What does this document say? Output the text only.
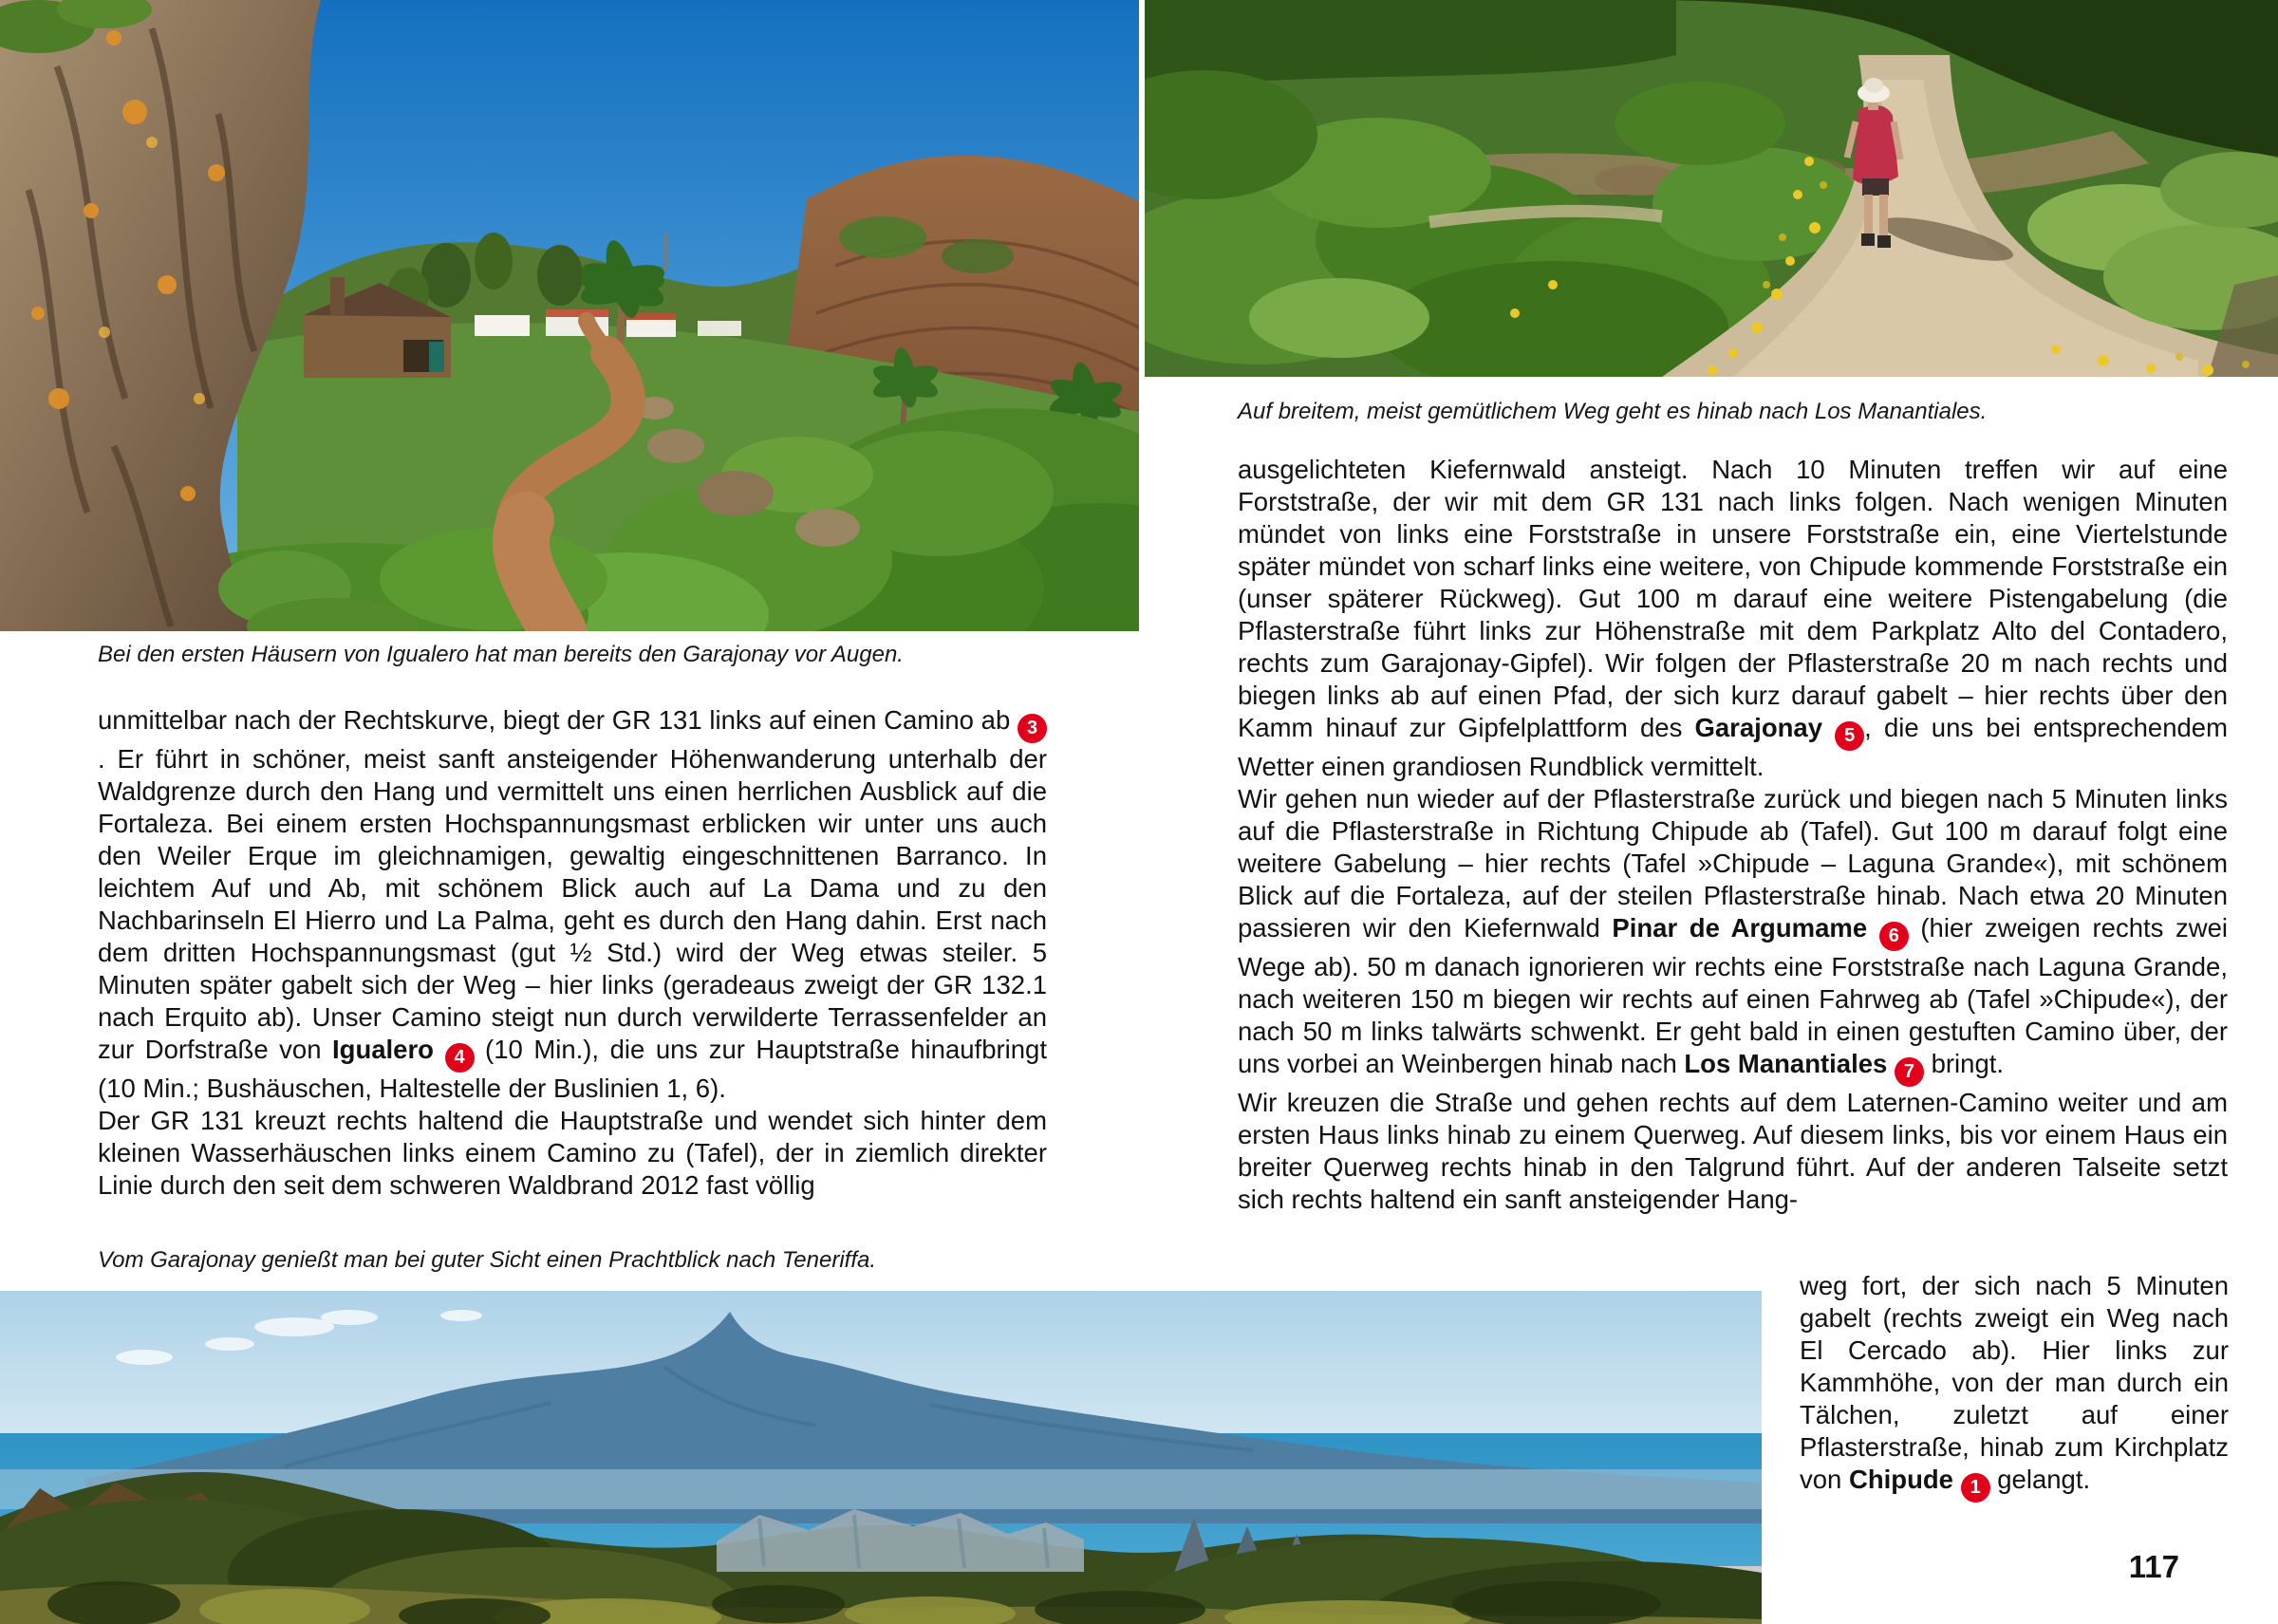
Bei den ersten Häusern von Igualero hat man bereits den Garajonay vor Augen.

Auf breitem, meist gemütlichem Weg geht es hinab nach Los Manantiales.

Vom Garajonay genießt man bei guter Sicht einen Prachtblick nach Teneriffa.

unmittelbar nach der Rechtskurve, biegt der GR 131 links auf einen Camino ab 3. Er führt in schöner, meist sanft ansteigender Höhenwanderung unterhalb der Waldgrenze durch den Hang und vermittelt uns einen herrlichen Ausblick auf die Fortaleza. Bei einem ersten Hochspannungsmast erblicken wir unter uns auch den Weiler Erque im gleichnamigen, gewaltig eingeschnittenen Barranco. In leichtem Auf und Ab, mit schönem Blick auch auf La Dama und zu den Nachbarinseln El Hierro und La Palma, geht es durch den Hang dahin. Erst nach dem dritten Hochspannungsmast (gut ½ Std.) wird der Weg etwas steiler. 5 Minuten später gabelt sich der Weg – hier links (geradeaus zweigt der GR 132.1 nach Erquito ab). Unser Camino steigt nun durch verwilderte Terrassenfelder an zur Dorfstraße von Igualero 4 (10 Min.), die uns zur Hauptstraße hinaufbringt (10 Min.; Bushäuschen, Haltestelle der Buslinien 1, 6).
Der GR 131 kreuzt rechts haltend die Hauptstraße und wendet sich hinter dem kleinen Wasserhäuschen links einem Camino zu (Tafel), der in ziemlich direkter Linie durch den seit dem schweren Waldbrand 2012 fast völlig
ausgelichteten Kiefernwald ansteigt. Nach 10 Minuten treffen wir auf eine Forststraße, der wir mit dem GR 131 nach links folgen. Nach wenigen Minuten mündet von links eine Forststraße in unsere Forststraße ein, eine Viertelstunde später mündet von scharf links eine weitere, von Chipude kommende Forststraße ein (unser späterer Rückweg). Gut 100 m darauf eine weitere Pistengabelung (die Pflasterstraße führt links zur Höhenstraße mit dem Parkplatz Alto del Contadero, rechts zum Garajonay-Gipfel). Wir folgen der Pflasterstraße 20 m nach rechts und biegen links ab auf einen Pfad, der sich kurz darauf gabelt – hier rechts über den Kamm hinauf zur Gipfelplattform des Garajonay 5 , die uns bei entsprechendem Wetter einen grandiosen Rundblick vermittelt.
Wir gehen nun wieder auf der Pflasterstraße zurück und biegen nach 5 Minuten links auf die Pflasterstraße in Richtung Chipude ab (Tafel). Gut 100 m darauf folgt eine weitere Gabelung – hier rechts (Tafel »Chipude – Laguna Grande«), mit schönem Blick auf die Fortaleza, auf der steilen Pflasterstraße hinab. Nach etwa 20 Minuten passieren wir den Kiefernwald Pinar de Argumame 6 (hier zweigen rechts zwei Wege ab). 50 m danach ignorieren wir rechts eine Forststraße nach Laguna Grande, nach weiteren 150 m biegen wir rechts auf einen Fahrweg ab (Tafel »Chipude«), der nach 50 m links talwärts schwenkt. Er geht bald in einen gestuften Camino über, der uns vorbei an Weinbergen hinab nach Los Manantiales 7 bringt.
Wir kreuzen die Straße und gehen rechts auf dem Laternen-Camino weiter und am ersten Haus links hinab zu einem Querweg. Auf diesem links, bis vor einem Haus ein breiter Querweg rechts hinab in den Talgrund führt. Auf der anderen Talseite setzt sich rechts haltend ein sanft ansteigender Hang-
weg fort, der sich nach 5 Minuten gabelt (rechts zweigt ein Weg nach El Cercado ab). Hier links zur Kammhöhe, von der man durch ein Tälchen, zuletzt auf einer Pflasterstraße, hinab zum Kirchplatz von Chipude 1 gelangt.
117
